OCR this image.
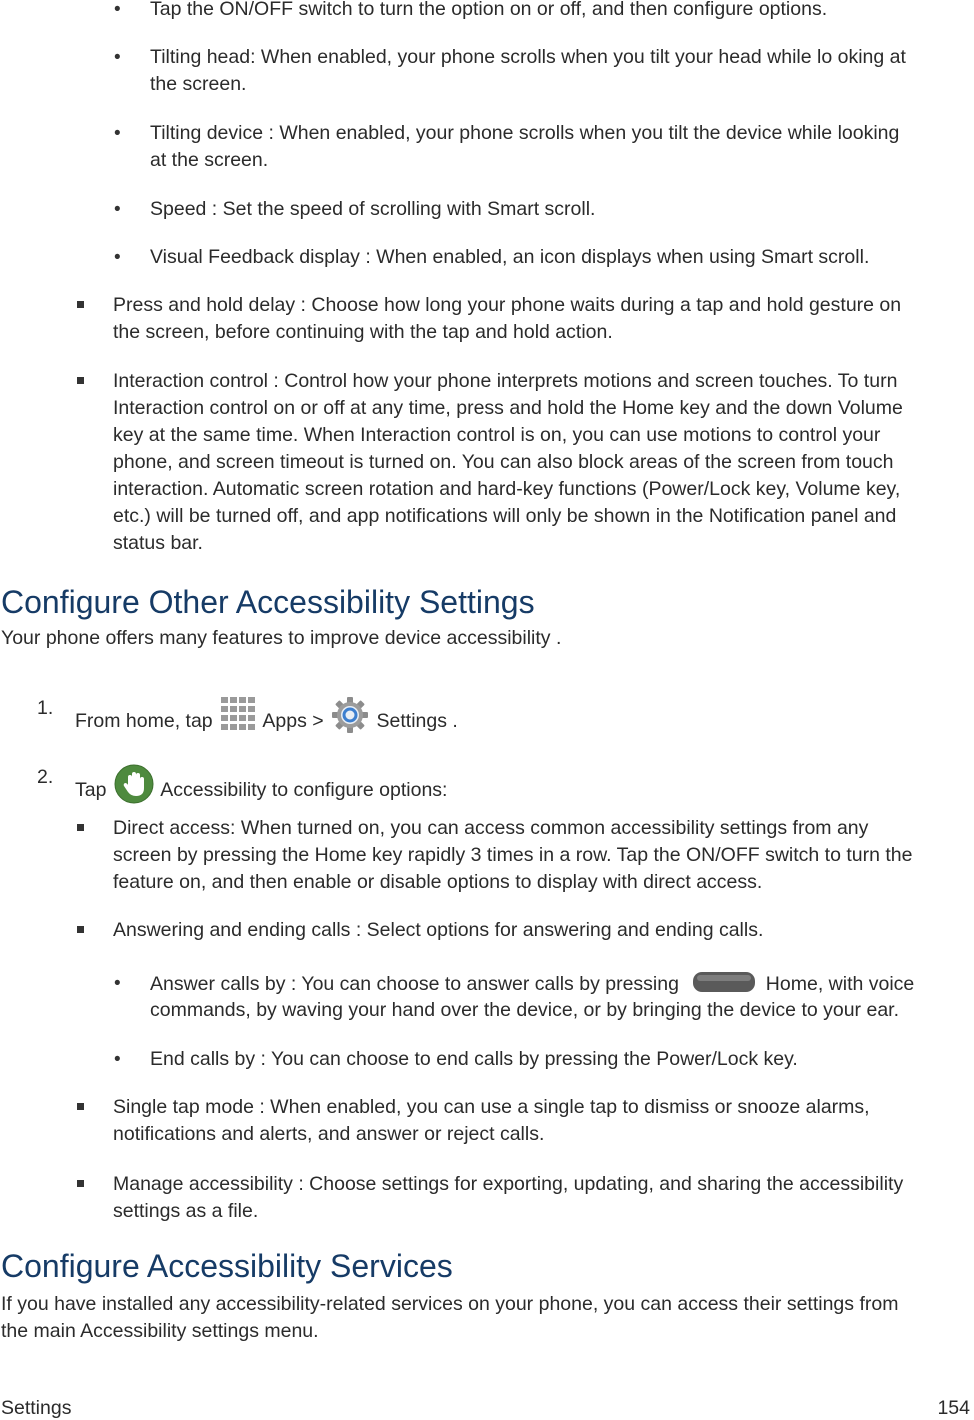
• Tap the ON/OFF switch to turn the option on or off, and then configure options.
• Tilting head: When enabled, your phone scrolls when you tilt your head while lo oking at
the screen.
• Tilting device : When enabled, your phone scrolls when you tilt the device while looking
at the screen.
• Speed : Set the speed of scrolling with Smart scroll.
• Visual Feedback display : When enabled, an icon displays when using Smart scroll.
Press and hold delay : Choose how long your phone waits during a tap and hold gesture on
the screen, before continuing with the tap and hold action.
Interaction control : Control how your phone interprets motions and screen touches. To turn
Interaction control on or off at any time, press and hold the Home key and the down Volume
key at the same time. When Interaction control is on, you can use motions to control your
phone, and screen timeout is turned on. You can also block areas of the screen from touch
interaction. Automatic screen rotation and hard-key functions (Power/Lock key, Volume key,
etc.) will be turned off, and app notifications will only be shown in the Notification panel and
status bar.
Configure Other Accessibility Settings
Your phone offers many features to improve device accessibility .
1.
From home, tap	Apps >  Settings .
2.
Tap	Accessibility to configure options:
Direct access: When turned on, you can access common accessibility settings from any
screen by pressing the Home key rapidly 3 times in a row. Tap the ON/OFF switch to turn the
feature on, and then enable or disable options to display with direct access.
Answering and ending calls : Select options for answering and ending calls.
• Answer calls by : You can choose to answer calls by pressing	Home, with voice
commands, by waving your hand over the device, or by bringing the device to your ear.
• End calls by : You can choose to end calls by pressing the Power/Lock key.
Single tap mode : When enabled, you can use a single tap to dismiss or snooze alarms,
notifications and alerts, and answer or reject calls.
Manage accessibility : Choose settings for exporting, updating, and sharing the accessibility
settings as a file.
Configure Accessibility Services
If you have installed any accessibility-related services on your phone, you can access their settings from
the main Accessibility settings menu.
Settings	154
